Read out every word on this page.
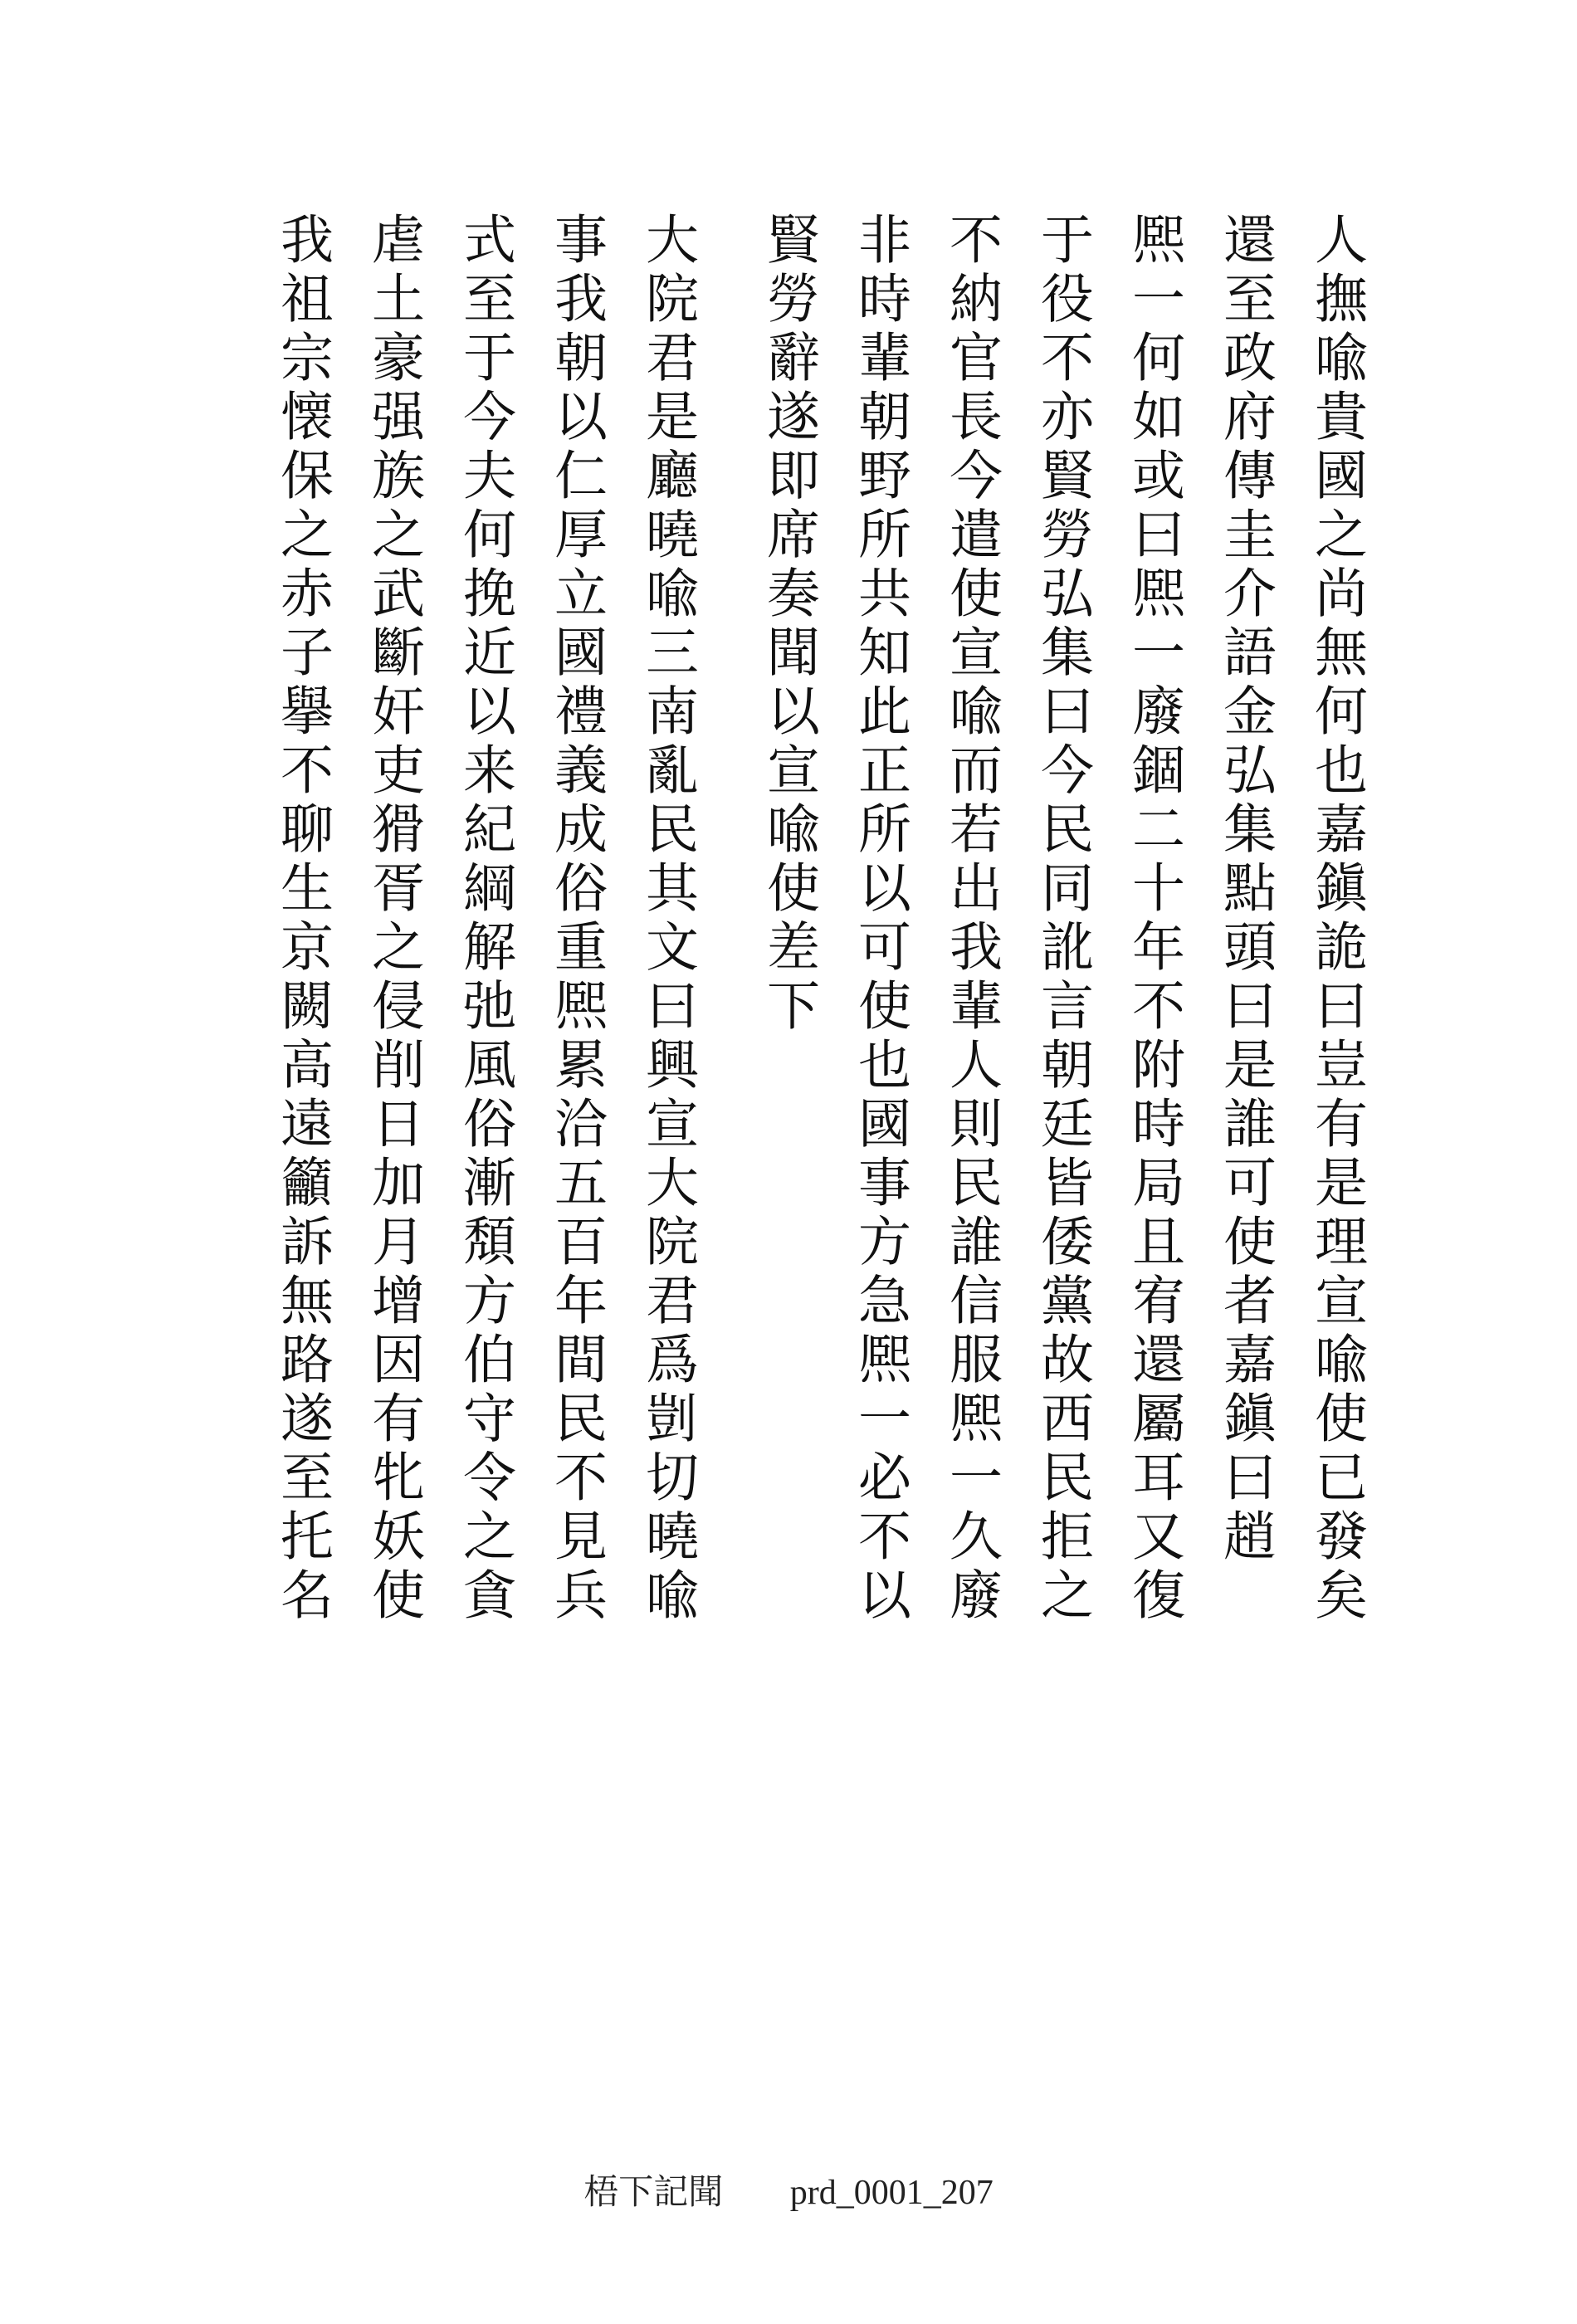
人撫喩貴國之尚無何也嘉鎭詭曰豈有是理宣喩使已發矣
還至政府傳圭介語金弘集點頭曰是誰可使者嘉鎭曰趙
熈一何如或曰熈一廢錮二十年不附時局且宥還屬耳又復
于役不亦賢勞弘集曰今民同訛言朝廷皆倭黨故西民拒之
不納官長今遣使宣喩而若出我輩人則民誰信服熈一久廢
非時輩朝野所共知此正所以可使也國事方急熈一必不以
賢勞辭遂即席奏聞以宣喩使差下
大院君是廳曉喩三南亂民其文曰興宣大院君爲剴切曉喩
事我朝以仁厚立國禮義成俗重熈累洽五百年間民不見兵
式至于今夫何挽近以来紀綱解弛風俗漸頽方伯守令之貪
虐土豪强族之武斷奸吏猾胥之侵削日加月增因有牝妖使
我祖宗懐保之赤子擧不聊生京闕高遠籲訴無路遂至托名
梧下記聞 prd_0001_207
